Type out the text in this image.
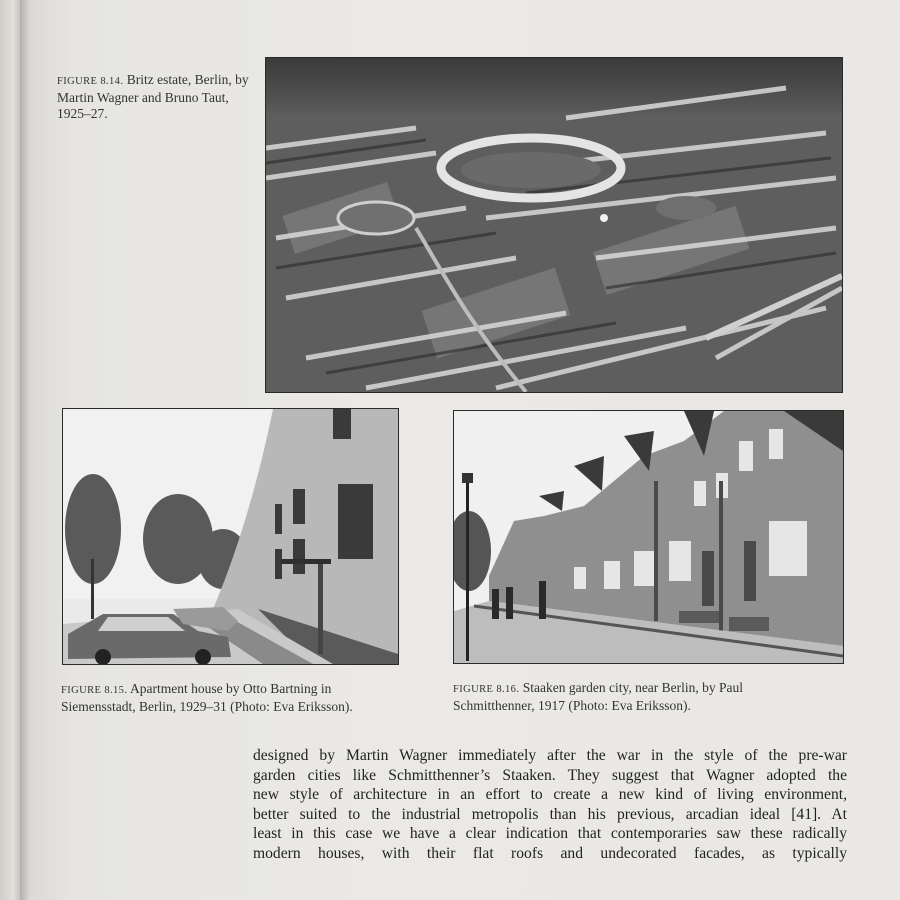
FIGURE 8.14. Britz estate, Berlin, by Martin Wagner and Bruno Taut, 1925–27.
FIGURE 8.15. Apartment house by Otto Bartning in Siemensstadt, Berlin, 1929–31 (Photo: Eva Eriksson).
FIGURE 8.16. Staaken garden city, near Berlin, by Paul Schmitthenner, 1917 (Photo: Eva Eriksson).
designed by Martin Wagner immediately after the war in the style of the pre-war
garden cities like Schmitthenner’s Staaken. They suggest that Wagner adopted the
new style of architecture in an effort to create a new kind of living environment,
better suited to the industrial metropolis than his previous, arcadian ideal [41]. At
least in this case we have a clear indication that contemporaries saw these radically
modern houses, with their flat roofs and undecorated facades, as typically
